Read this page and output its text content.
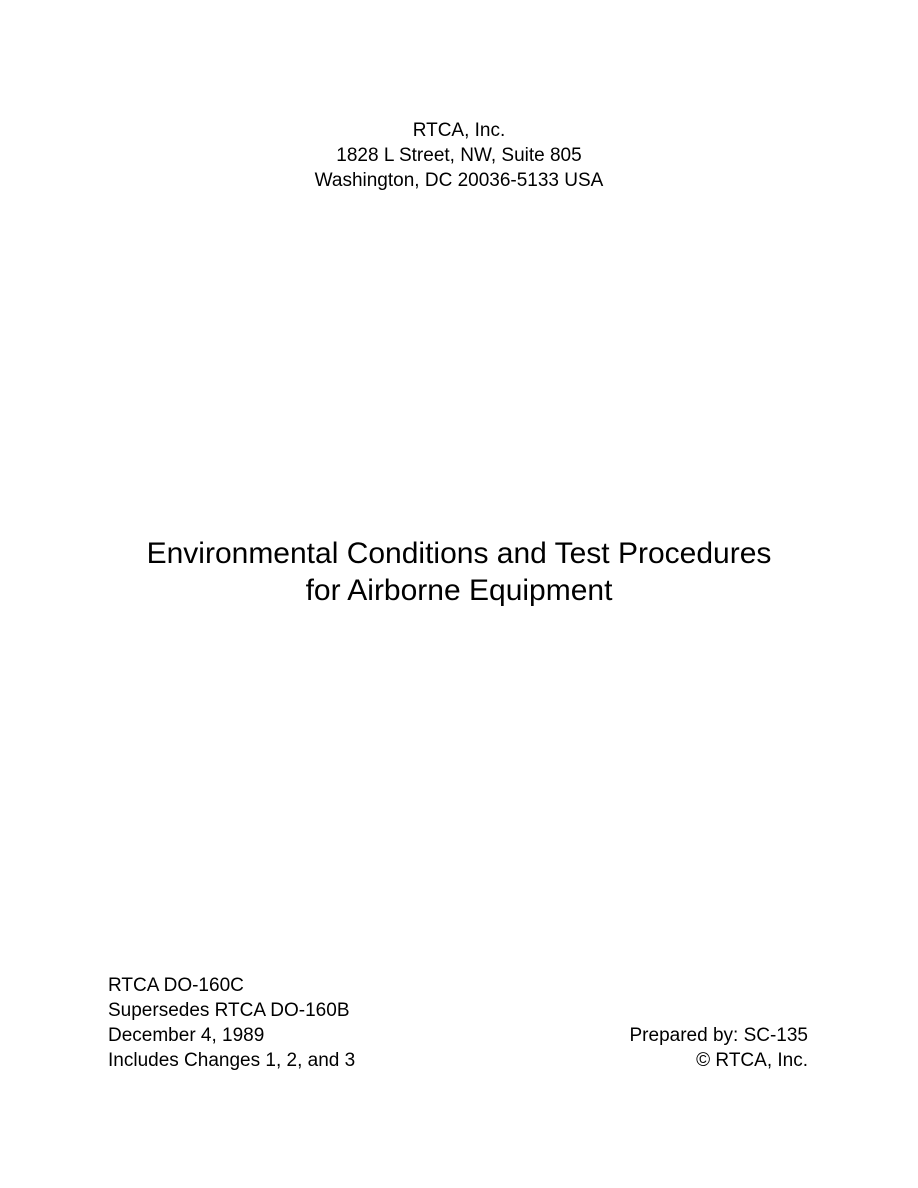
RTCA, Inc.
1828 L Street, NW, Suite 805
Washington, DC 20036-5133 USA
Environmental Conditions and Test Procedures
for Airborne Equipment
RTCA DO-160C
Supersedes RTCA DO-160B
December 4, 1989
Includes Changes 1, 2, and 3
Prepared by: SC-135
© RTCA, Inc.
